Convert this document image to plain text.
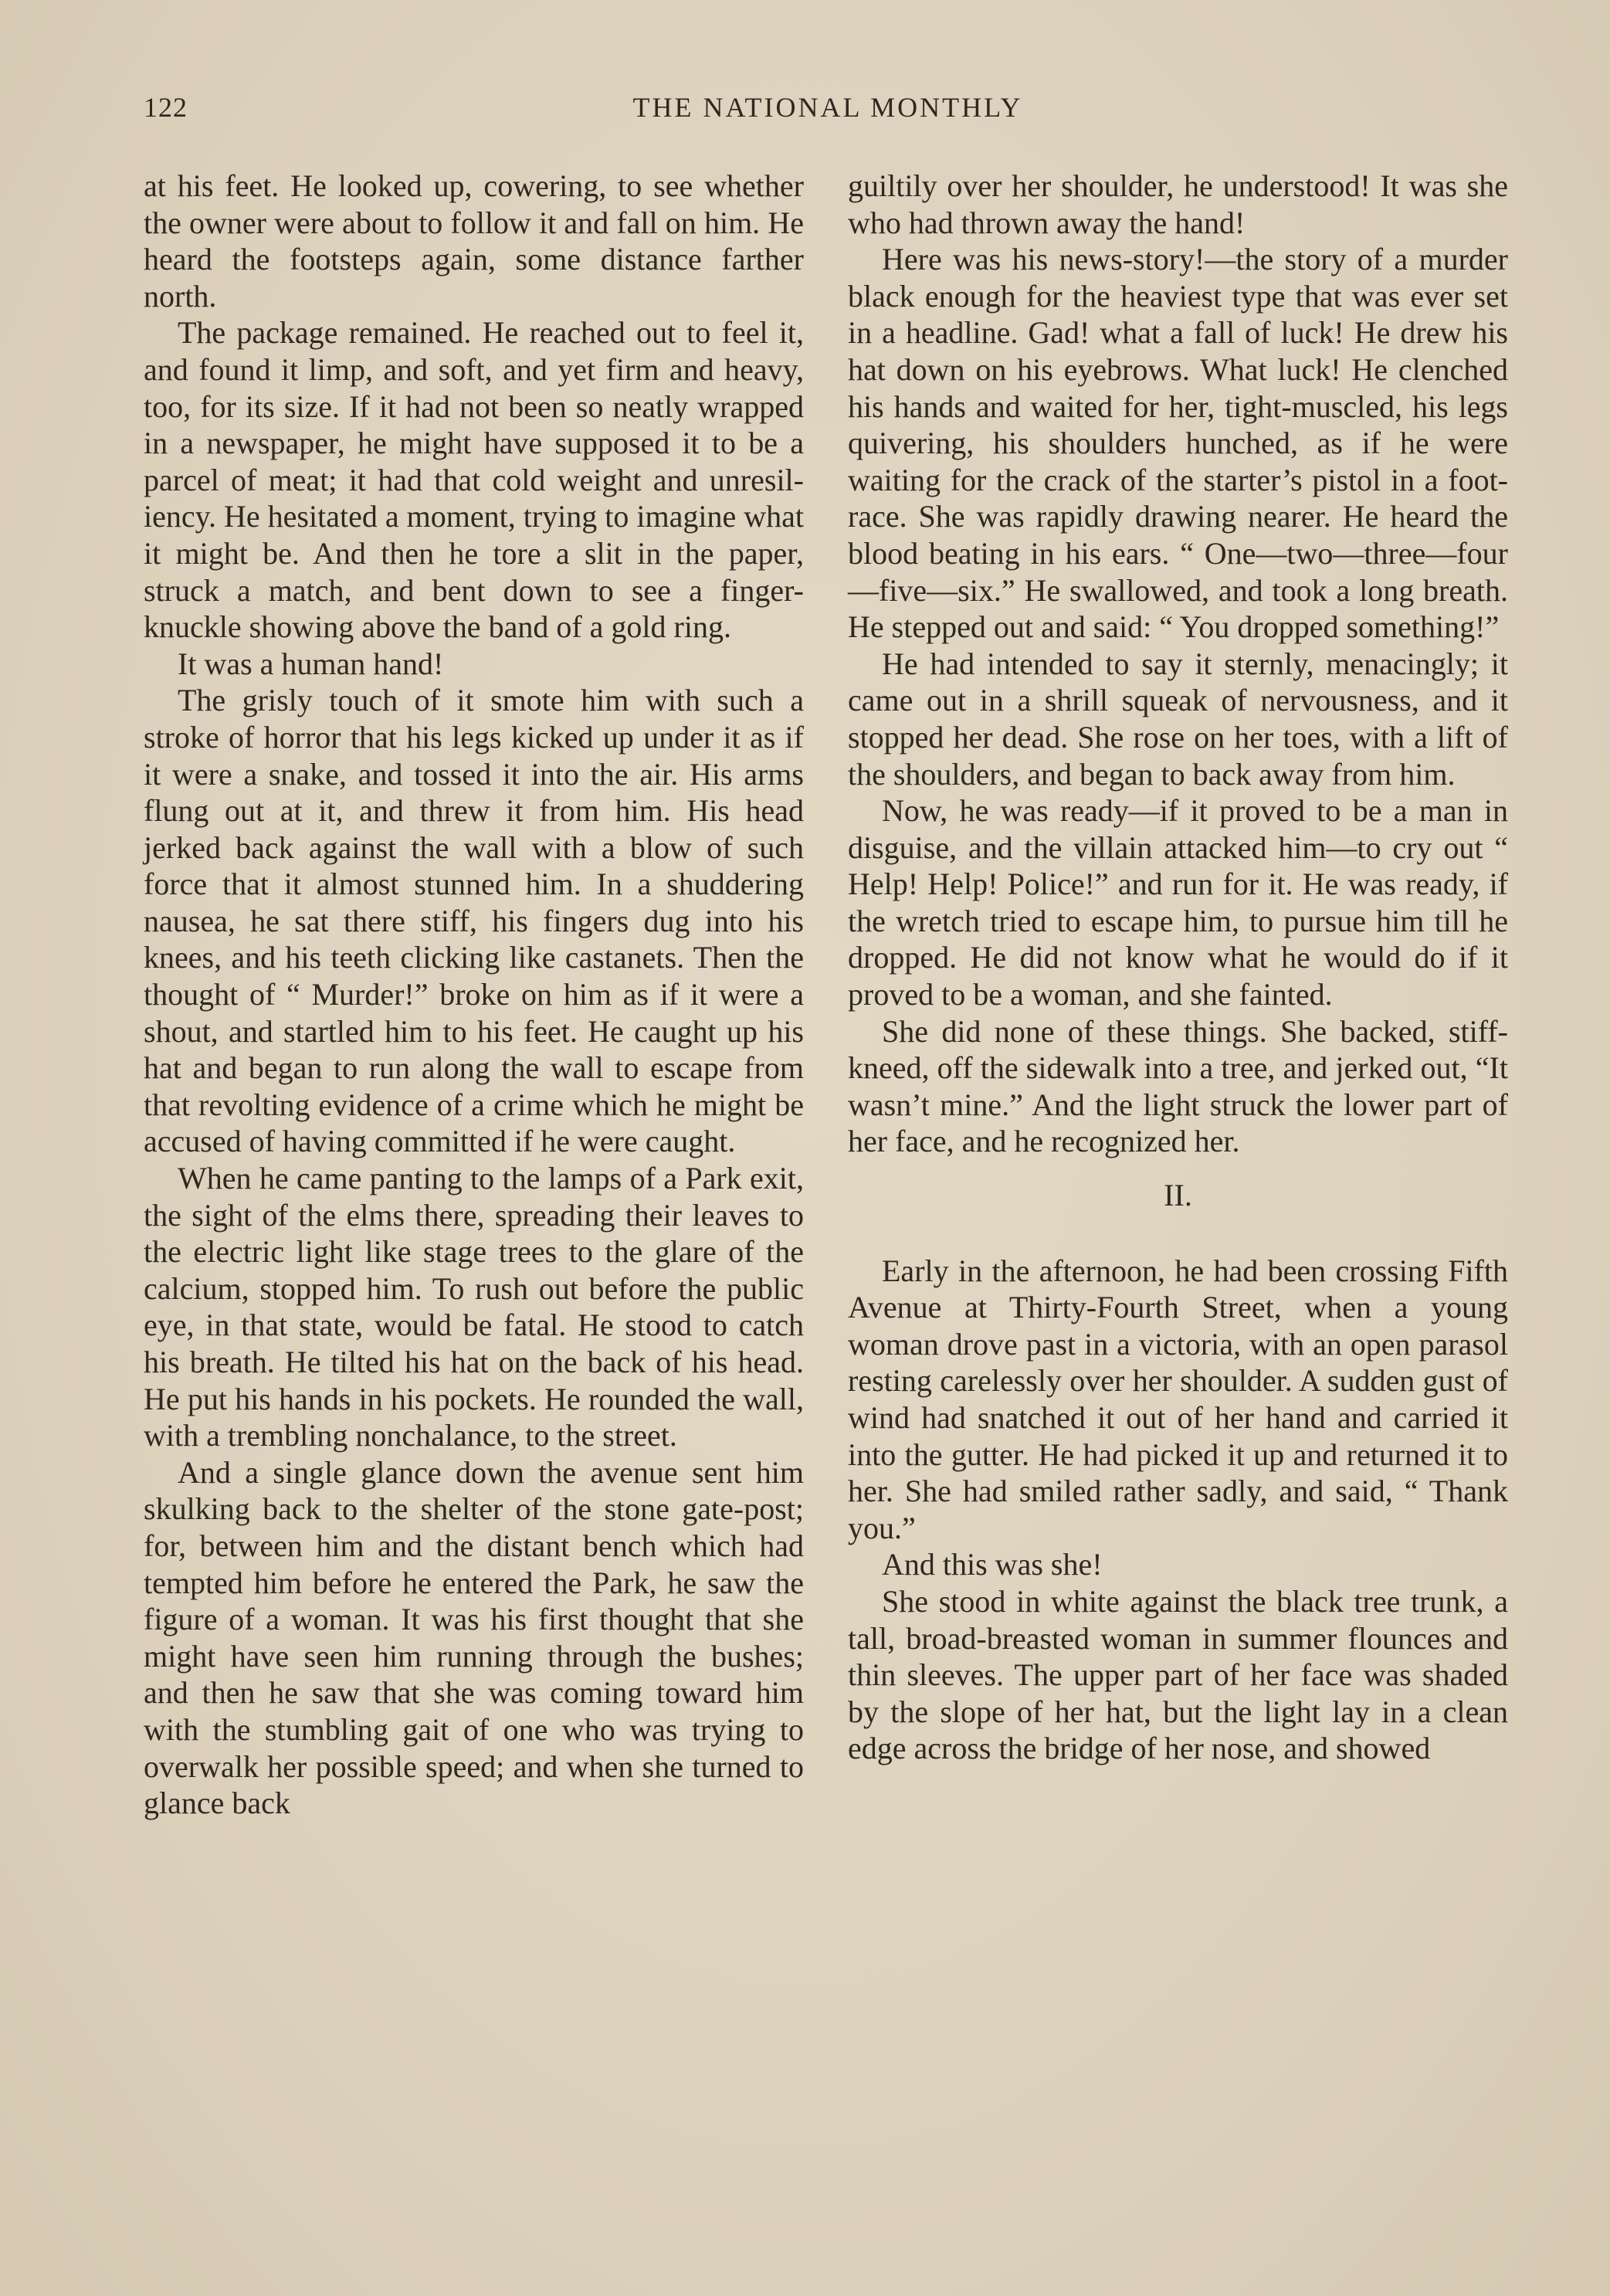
122	THE NATIONAL MONTHLY

at his feet. He looked up, cowering, to see whether the owner were about to follow it and fall on him. He heard the footsteps again, some distance farther north.

The package remained. He reached out to feel it, and found it limp, and soft, and yet firm and heavy, too, for its size. If it had not been so neatly wrapped in a newspaper, he might have supposed it to be a parcel of meat; it had that cold weight and unresiliency. He hesitated a moment, trying to imagine what it might be. And then he tore a slit in the paper, struck a match, and bent down to see a finger-knuckle showing above the band of a gold ring.

It was a human hand!

The grisly touch of it smote him with such a stroke of horror that his legs kicked up under it as if it were a snake, and tossed it into the air. His arms flung out at it, and threw it from him. His head jerked back against the wall with a blow of such force that it almost stunned him. In a shuddering nausea, he sat there stiff, his fingers dug into his knees, and his teeth clicking like castanets. Then the thought of “ Murder!” broke on him as if it were a shout, and startled him to his feet. He caught up his hat and began to run along the wall to escape from that revolting evidence of a crime which he might be accused of having committed if he were caught.

When he came panting to the lamps of a Park exit, the sight of the elms there, spreading their leaves to the electric light like stage trees to the glare of the calcium, stopped him. To rush out before the public eye, in that state, would be fatal. He stood to catch his breath. He tilted his hat on the back of his head. He put his hands in his pockets. He rounded the wall, with a trembling nonchalance, to the street.

And a single glance down the avenue sent him skulking back to the shelter of the stone gate-post; for, between him and the distant bench which had tempted him before he entered the Park, he saw the figure of a woman. It was his first thought that she might have seen him running through the bushes; and then he saw that she was coming toward him with the stumbling gait of one who was trying to overwalk her possible speed; and when she turned to glance back

guiltily over her shoulder, he understood! It was she who had thrown away the hand!

Here was his news-story!—the story of a murder black enough for the heaviest type that was ever set in a headline. Gad! what a fall of luck! He drew his hat down on his eyebrows. What luck! He clenched his hands and waited for her, tight-muscled, his legs quivering, his shoulders hunched, as if he were waiting for the crack of the starter’s pistol in a foot-race. She was rapidly drawing nearer. He heard the blood beating in his ears. “ One—two—three—four —five—six.” He swallowed, and took a long breath. He stepped out and said: “ You dropped something!”

He had intended to say it sternly, menacingly; it came out in a shrill squeak of nervousness, and it stopped her dead. She rose on her toes, with a lift of the shoulders, and began to back away from him.

Now, he was ready—if it proved to be a man in disguise, and the villain attacked him—to cry out “ Help! Help! Police!” and run for it. He was ready, if the wretch tried to escape him, to pursue him till he dropped. He did not know what he would do if it proved to be a woman, and she fainted.

She did none of these things. She backed, stiff-kneed, off the sidewalk into a tree, and jerked out, “It wasn’t mine.” And the light struck the lower part of her face, and he recognized her.

II.

Early in the afternoon, he had been crossing Fifth Avenue at Thirty-Fourth Street, when a young woman drove past in a victoria, with an open parasol resting carelessly over her shoulder. A sudden gust of wind had snatched it out of her hand and carried it into the gutter. He had picked it up and returned it to her. She had smiled rather sadly, and said, “ Thank you.”

And this was she!

She stood in white against the black tree trunk, a tall, broad-breasted woman in summer flounces and thin sleeves. The upper part of her face was shaded by the slope of her hat, but the light lay in a clean edge across the bridge of her nose, and showed
